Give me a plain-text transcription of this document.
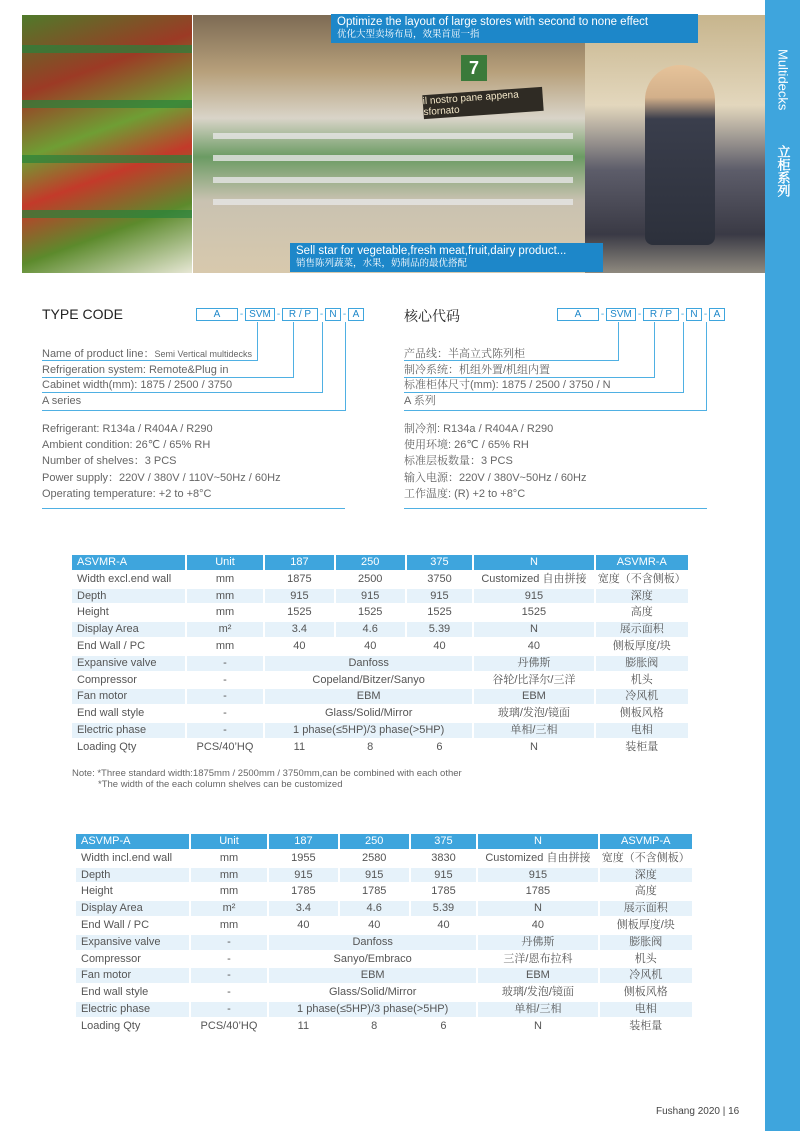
Multidecks
立柜系列
7
il nostro pane appena sfornato
Optimize the layout of large stores with second to none effect
优化大型卖场布局，效果首屈一指
Sell star for vegetable,fresh meat,fruit,dairy product...
销售陈列蔬菜，水果，奶制品的最优搭配
TYPE CODE	A	- SVM - R / P - N - A
Name of product line：Semi Vertical multidecks
Refrigeration system: Remote&Plug in
Cabinet width(mm): 1875 / 2500 / 3750
A series
Refrigerant: R134a / R404A / R290
Ambient condition: 26℃ / 65% RH
Number of shelves：3 PCS
Power supply：220V / 380V / 110V~50Hz / 60Hz
Operating temperature: +2 to +8°C
核心代码	A	- SVM - R / P - N - A
产品线：半高立式陈列柜
制冷系统：机组外置/机组内置
标准柜体尺寸(mm): 1875 / 2500 / 3750 / N
A 系列
制冷剂: R134a / R404A / R290
使用环境: 26℃ / 65% RH
标准层板数量：3 PCS
输入电源：220V / 380V~50Hz / 60Hz
工作温度: (R) +2 to +8°C
ASVMR-A	Unit	187	250	375	N	ASVMR-A
Width excl.end wall	mm	1875	2500	3750	Customized 自由拼接	宽度（不含侧板）
Depth	mm	915	915	915	915	深度
Height	mm	1525	1525	1525	1525	高度
Display Area	m²	3.4	4.6	5.39	N	展示面积
End Wall / PC	mm	40	40	40	40	侧板厚度/块
Expansive valve	-	Danfoss			丹佛斯	膨胀阀
Compressor	-	Copeland/Bitzer/Sanyo			谷轮/比泽尔/三洋	机头
Fan motor	-	EBM			EBM	冷风机
End wall style	-	Glass/Solid/Mirror			玻璃/发泡/镜面	侧板风格
Electric phase	-	1 phase(≤5HP)/3 phase(>5HP)			单相/三相	电相
Loading Qty	PCS/40’HQ	11	8	6	N	装柜量
Note: *Three standard width:1875mm / 2500mm / 3750mm,can be combined with each other
*The width of the each column shelves can be customized
ASVMP-A	Unit	187	250	375	N	ASVMP-A
Width incl.end wall	mm	1955	2580	3830	Customized 自由拼接	宽度（不含侧板）
Depth	mm	915	915	915	915	深度
Height	mm	1785	1785	1785	1785	高度
Display Area	m²	3.4	4.6	5.39	N	展示面积
End Wall / PC	mm	40	40	40	40	侧板厚度/块
Expansive valve	-	Danfoss			丹佛斯	膨胀阀
Compressor	-	Sanyo/Embraco			三洋/恩布拉科	机头
Fan motor	-	EBM			EBM	冷风机
End wall style	-	Glass/Solid/Mirror			玻璃/发泡/镜面	侧板风格
Electric phase	-	1 phase(≤5HP)/3 phase(>5HP)			单相/三相	电相
Loading Qty	PCS/40’HQ	11	8	6	N	装柜量
Fushang 2020 | 16
